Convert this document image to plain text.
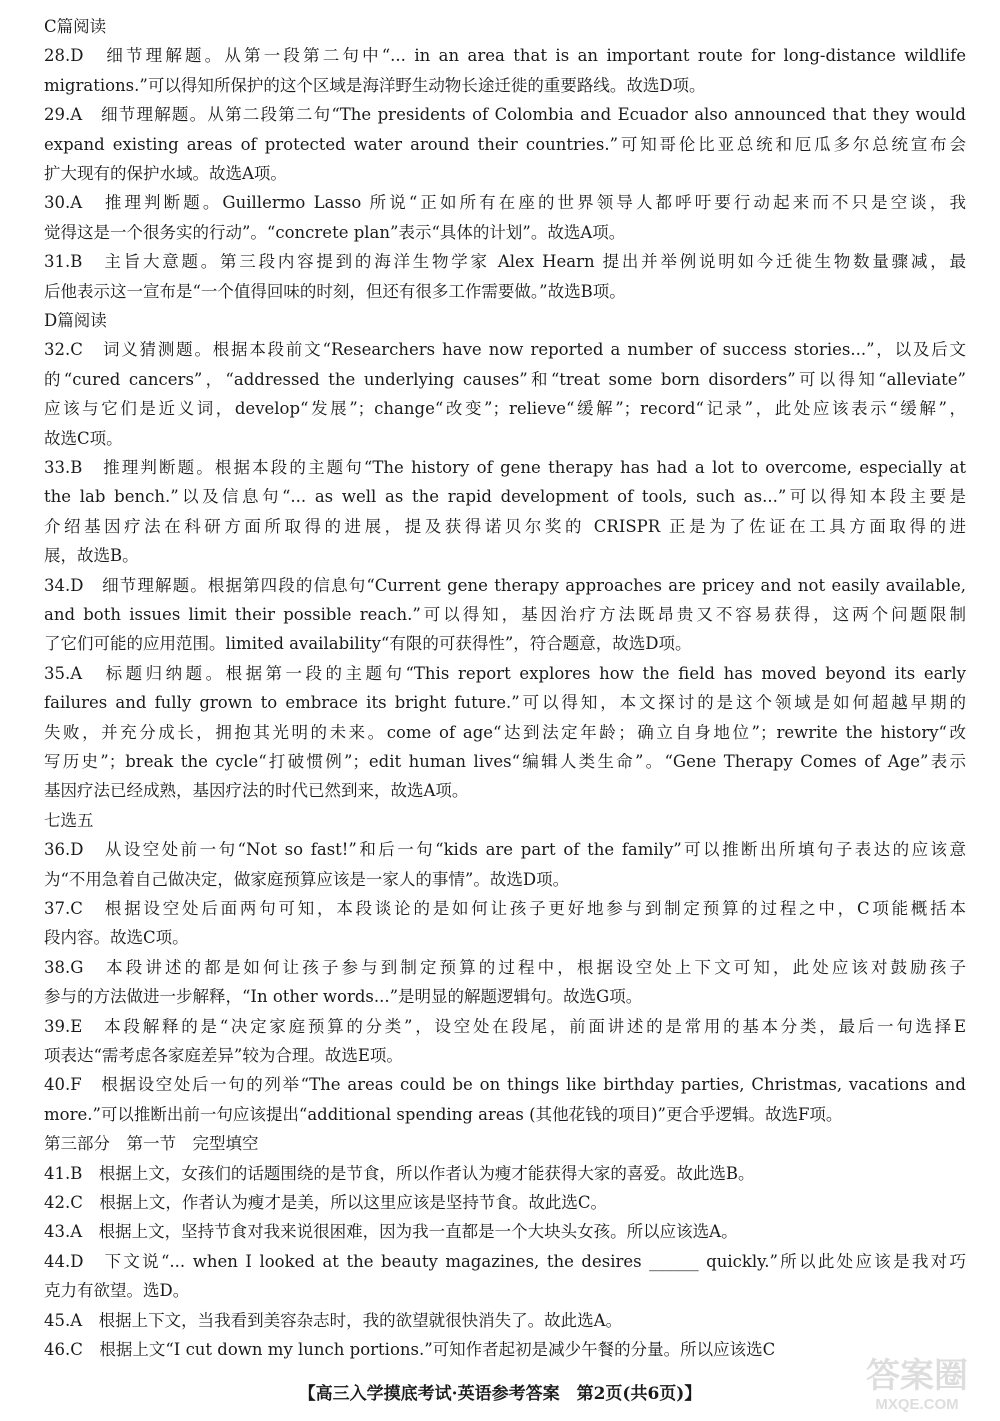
C篇阅读
28.D　细节理解题。从第一段第二句中“... in an area that is an important route for long-distance wildlife
migrations.”可以得知所保护的这个区域是海洋野生动物长途迁徙的重要路线。故选D项。
29.A　细节理解题。从第二段第二句“The presidents of Colombia and Ecuador also announced that they would
expand existing areas of protected water around their countries.”可知哥伦比亚总统和厄瓜多尔总统宣布会
扩大现有的保护水域。故选A项。
30.A　推理判断题。Guillermo Lasso 所说“正如所有在座的世界领导人都呼吁要行动起来而不只是空谈，我
觉得这是一个很务实的行动”。“concrete plan”表示“具体的计划”。故选A项。
31.B　主旨大意题。第三段内容提到的海洋生物学家 Alex Hearn 提出并举例说明如今迁徙生物数量骤减，最
后他表示这一宣布是“一个值得回味的时刻，但还有很多工作需要做。”故选B项。
D篇阅读
32.C　词义猜测题。根据本段前文“Researchers have now reported a number of success stories...”，以及后文
的“cured cancers”，“addressed the underlying causes”和“treat some born disorders”可以得知“alleviate”
应该与它们是近义词，develop“发展”；change“改变”；relieve“缓解”；record“记录”，此处应该表示“缓解”，
故选C项。
33.B　推理判断题。根据本段的主题句“The history of gene therapy has had a lot to overcome, especially at
the lab bench.”以及信息句“... as well as the rapid development of tools, such as...”可以得知本段主要是
介绍基因疗法在科研方面所取得的进展，提及获得诺贝尔奖的 CRISPR 正是为了佐证在工具方面取得的进
展，故选B。
34.D　细节理解题。根据第四段的信息句“Current gene therapy approaches are pricey and not easily available,
and both issues limit their possible reach.”可以得知，基因治疗方法既昂贵又不容易获得，这两个问题限制
了它们可能的应用范围。limited availability“有限的可获得性”，符合题意，故选D项。
35.A　标题归纳题。根据第一段的主题句“This report explores how the field has moved beyond its early
failures and fully grown to embrace its bright future.”可以得知，本文探讨的是这个领域是如何超越早期的
失败，并充分成长，拥抱其光明的未来。come of age“达到法定年龄；确立自身地位”；rewrite the history“改
写历史”；break the cycle“打破惯例”；edit human lives“编辑人类生命”。“Gene Therapy Comes of Age”表示
基因疗法已经成熟，基因疗法的时代已然到来，故选A项。
七选五
36.D　从设空处前一句“Not so fast!”和后一句“kids are part of the family”可以推断出所填句子表达的应该意
为“不用急着自己做决定，做家庭预算应该是一家人的事情”。故选D项。
37.C　根据设空处后面两句可知，本段谈论的是如何让孩子更好地参与到制定预算的过程之中，C项能概括本
段内容。故选C项。
38.G　本段讲述的都是如何让孩子参与到制定预算的过程中，根据设空处上下文可知，此处应该对鼓励孩子
参与的方法做进一步解释，“In other words...”是明显的解题逻辑句。故选G项。
39.E　本段解释的是“决定家庭预算的分类”，设空处在段尾，前面讲述的是常用的基本分类，最后一句选择E
项表达“需考虑各家庭差异”较为合理。故选E项。
40.F　根据设空处后一句的列举“The areas could be on things like birthday parties, Christmas, vacations and
more.”可以推断出前一句应该提出“additional spending areas (其他花钱的项目)”更合乎逻辑。故选F项。
第三部分　第一节　完型填空
41.B　根据上文，女孩们的话题围绕的是节食，所以作者认为瘦才能获得大家的喜爱。故此选B。
42.C　根据上文，作者认为瘦才是美，所以这里应该是坚持节食。故此选C。
43.A　根据上文，坚持节食对我来说很困难，因为我一直都是一个大块头女孩。所以应该选A。
44.D　下文说“... when I looked at the beauty magazines, the desires ______ quickly.”所以此处应该是我对巧
克力有欲望。选D。
45.A　根据上下文，当我看到美容杂志时，我的欲望就很快消失了。故此选A。
46.C　根据上文“I cut down my lunch portions.”可知作者起初是减少午餐的分量。所以应该选C
【高三入学摸底考试·英语参考答案　第2页(共6页)】	答案圈
MXQE.COM
